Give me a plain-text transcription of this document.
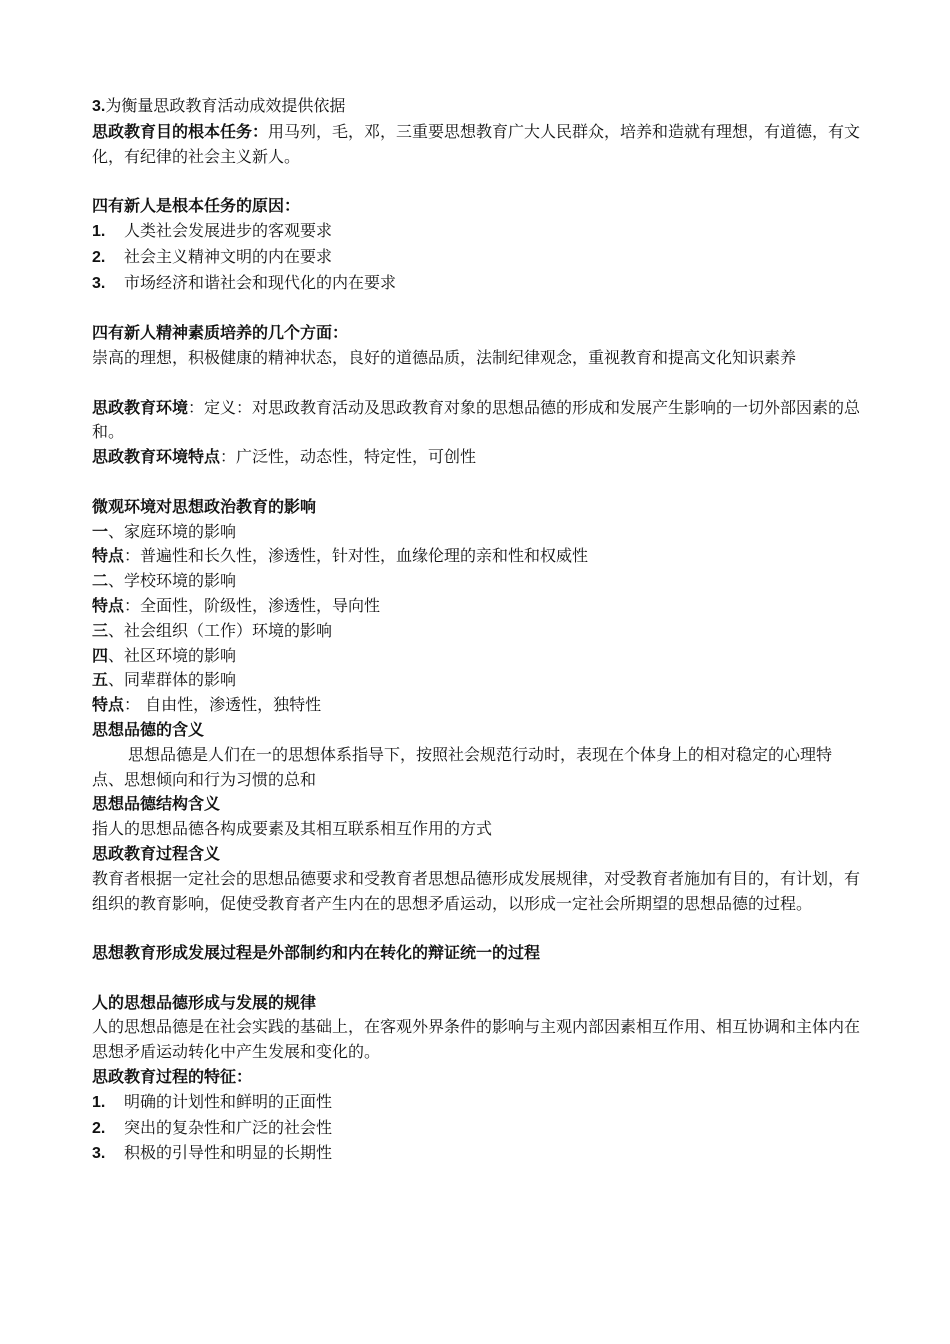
3.为衡量思政教育活动成效提供依据

思政教育目的根本任务：用马列，毛，邓，三重要思想教育广大人民群众，培养和造就有理想，有道德，有文化，有纪律的社会主义新人。

四有新人是根本任务的原因：

1. 人类社会发展进步的客观要求

2. 社会主义精神文明的内在要求

3. 市场经济和谐社会和现代化的内在要求

四有新人精神素质培养的几个方面：

崇高的理想，积极健康的精神状态，良好的道德品质，法制纪律观念，重视教育和提高文化知识素养

思政教育环境：定义：对思政教育活动及思政教育对象的思想品德的形成和发展产生影响的一切外部因素的总和。

思政教育环境特点：广泛性，动态性，特定性，可创性

微观环境对思想政治教育的影响

一、家庭环境的影响

特点：普遍性和长久性，渗透性，针对性，血缘伦理的亲和性和权威性

二、学校环境的影响

特点：全面性，阶级性，渗透性，导向性

三、社会组织（工作）环境的影响

四、社区环境的影响

五、同辈群体的影响

特点： 自由性，渗透性，独特性

思想品德的含义

思想品德是人们在一的思想体系指导下，按照社会规范行动时，表现在个体身上的相对稳定的心理特点、思想倾向和行为习惯的总和

思想品德结构含义

指人的思想品德各构成要素及其相互联系相互作用的方式

思政教育过程含义

教育者根据一定社会的思想品德要求和受教育者思想品德形成发展规律，对受教育者施加有目的，有计划，有组织的教育影响，促使受教育者产生内在的思想矛盾运动，以形成一定社会所期望的思想品德的过程。

思想教育形成发展过程是外部制约和内在转化的辩证统一的过程

人的思想品德形成与发展的规律

人的思想品德是在社会实践的基础上，在客观外界条件的影响与主观内部因素相互作用、相互协调和主体内在思想矛盾运动转化中产生发展和变化的。

思政教育过程的特征：

1. 明确的计划性和鲜明的正面性

2. 突出的复杂性和广泛的社会性

3. 积极的引导性和明显的长期性
